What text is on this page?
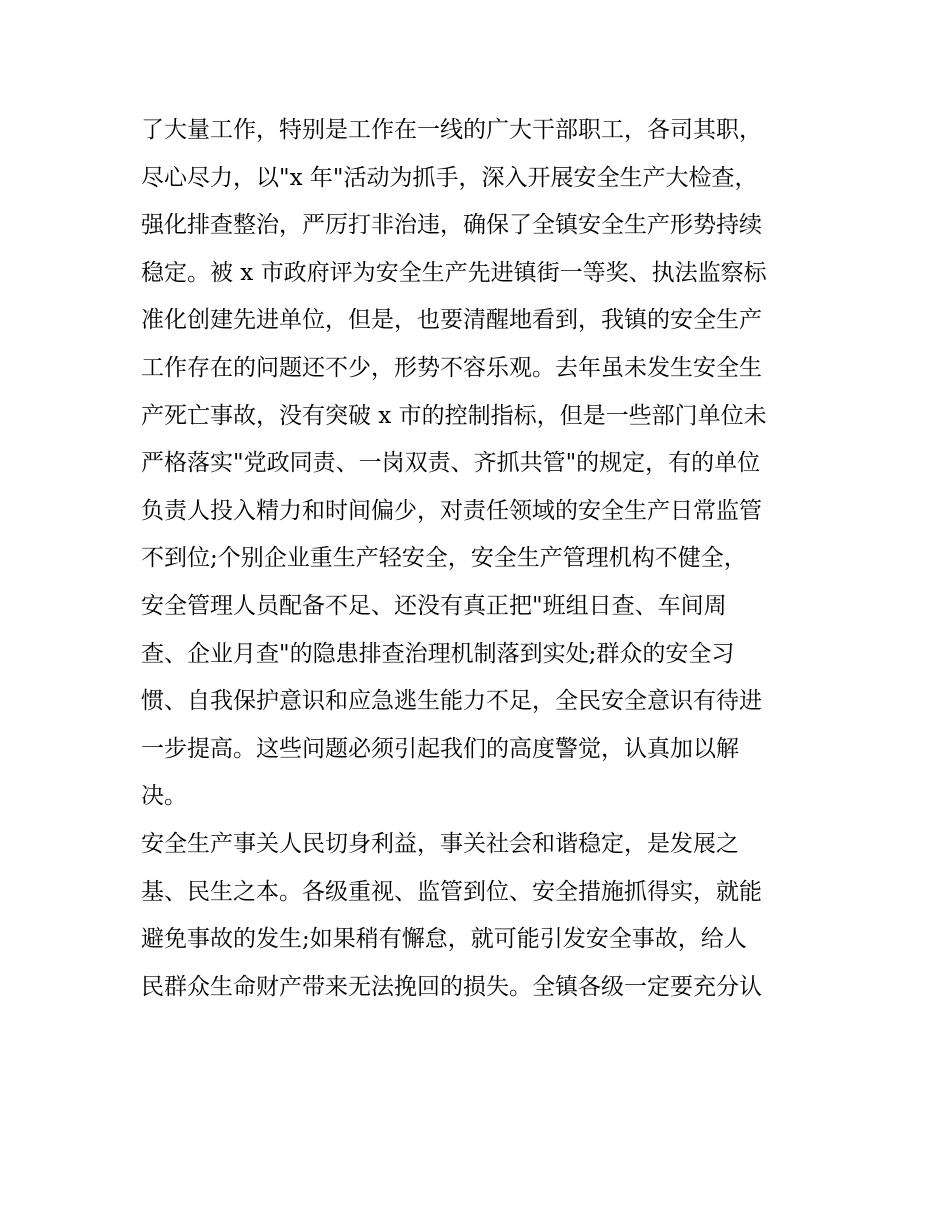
了大量工作，特别是工作在一线的广大干部职工，各司其职，
尽心尽力，以"x 年"活动为抓手，深入开展安全生产大检查，
强化排查整治，严厉打非治违，确保了全镇安全生产形势持续
稳定。被 x 市政府评为安全生产先进镇街一等奖、执法监察标
准化创建先进单位，但是，也要清醒地看到，我镇的安全生产
工作存在的问题还不少，形势不容乐观。去年虽未发生安全生
产死亡事故，没有突破 x 市的控制指标，但是一些部门单位未
严格落实"党政同责、一岗双责、齐抓共管"的规定，有的单位
负责人投入精力和时间偏少，对责任领域的安全生产日常监管
不到位;个别企业重生产轻安全，安全生产管理机构不健全，
安全管理人员配备不足、还没有真正把"班组日查、车间周
查、企业月查"的隐患排查治理机制落到实处;群众的安全习
惯、自我保护意识和应急逃生能力不足，全民安全意识有待进
一步提高。这些问题必须引起我们的高度警觉，认真加以解
决。
安全生产事关人民切身利益，事关社会和谐稳定，是发展之
基、民生之本。各级重视、监管到位、安全措施抓得实，就能
避免事故的发生;如果稍有懈怠，就可能引发安全事故，给人
民群众生命财产带来无法挽回的损失。全镇各级一定要充分认
